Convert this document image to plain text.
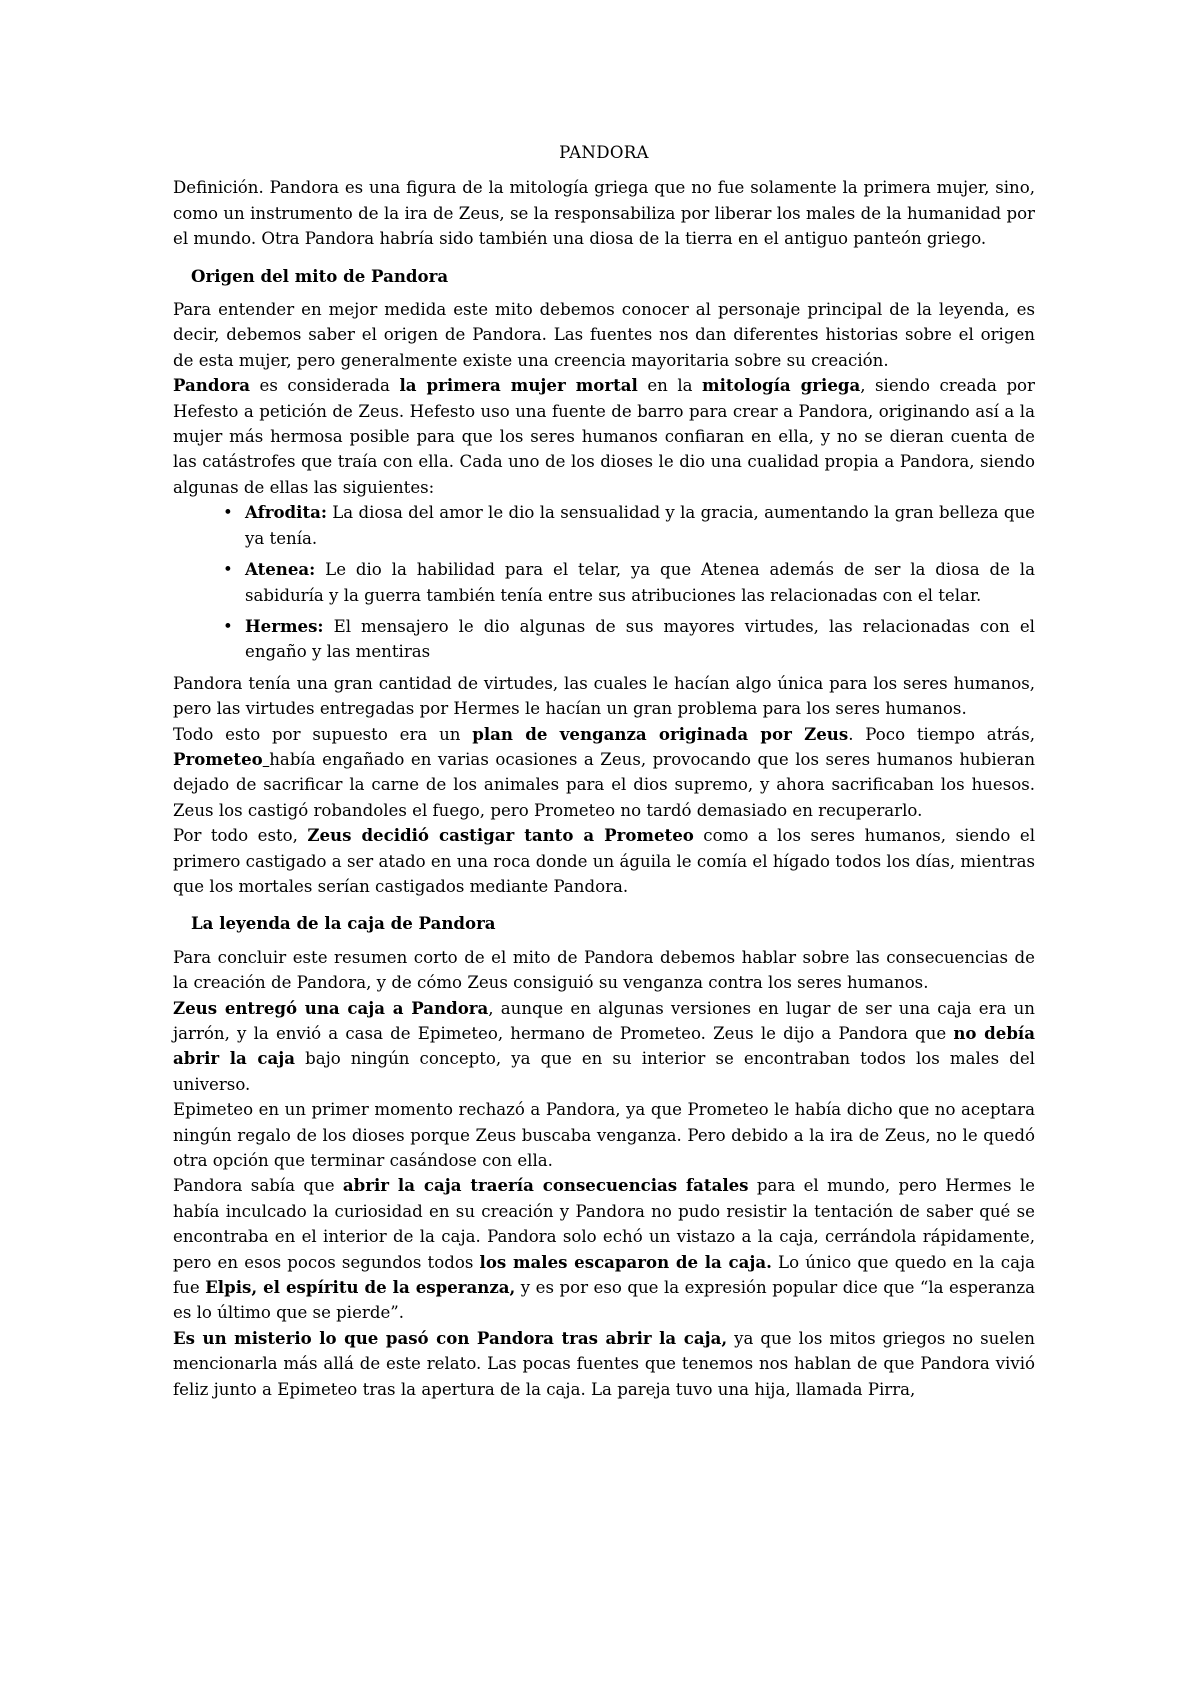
PANDORA

Definición. Pandora es una figura de la mitología griega que no fue solamente la primera mujer, sino, como un instrumento de la ira de Zeus, se la responsabiliza por liberar los males de la humanidad por el mundo. Otra Pandora habría sido también una diosa de la tierra en el antiguo panteón griego.

Origen del mito de Pandora

Para entender en mejor medida este mito debemos conocer al personaje principal de la leyenda, es decir, debemos saber el origen de Pandora. Las fuentes nos dan diferentes historias sobre el origen de esta mujer, pero generalmente existe una creencia mayoritaria sobre su creación.

Pandora es considerada la primera mujer mortal en la mitología griega, siendo creada por Hefesto a petición de Zeus. Hefesto uso una fuente de barro para crear a Pandora, originando así a la mujer más hermosa posible para que los seres humanos confiaran en ella, y no se dieran cuenta de las catástrofes que traía con ella. Cada uno de los dioses le dio una cualidad propia a Pandora, siendo algunas de ellas las siguientes:

• Afrodita: La diosa del amor le dio la sensualidad y la gracia, aumentando la gran belleza que ya tenía.
• Atenea: Le dio la habilidad para el telar, ya que Atenea además de ser la diosa de la sabiduría y la guerra también tenía entre sus atribuciones las relacionadas con el telar.
• Hermes: El mensajero le dio algunas de sus mayores virtudes, las relacionadas con el engaño y las mentiras

Pandora tenía una gran cantidad de virtudes, las cuales le hacían algo única para los seres humanos, pero las virtudes entregadas por Hermes le hacían un gran problema para los seres humanos.

Todo esto por supuesto era un plan de venganza originada por Zeus. Poco tiempo atrás, Prometeo había engañado en varias ocasiones a Zeus, provocando que los seres humanos hubieran dejado de sacrificar la carne de los animales para el dios supremo, y ahora sacrificaban los huesos. Zeus los castigó robandoles el fuego, pero Prometeo no tardó demasiado en recuperarlo.

Por todo esto, Zeus decidió castigar tanto a Prometeo como a los seres humanos, siendo el primero castigado a ser atado en una roca donde un águila le comía el hígado todos los días, mientras que los mortales serían castigados mediante Pandora.

La leyenda de la caja de Pandora

Para concluir este resumen corto de el mito de Pandora debemos hablar sobre las consecuencias de la creación de Pandora, y de cómo Zeus consiguió su venganza contra los seres humanos.

Zeus entregó una caja a Pandora, aunque en algunas versiones en lugar de ser una caja era un jarrón, y la envió a casa de Epimeteo, hermano de Prometeo. Zeus le dijo a Pandora que no debía abrir la caja bajo ningún concepto, ya que en su interior se encontraban todos los males del universo.

Epimeteo en un primer momento rechazó a Pandora, ya que Prometeo le había dicho que no aceptara ningún regalo de los dioses porque Zeus buscaba venganza. Pero debido a la ira de Zeus, no le quedó otra opción que terminar casándose con ella.

Pandora sabía que abrir la caja traería consecuencias fatales para el mundo, pero Hermes le había inculcado la curiosidad en su creación y Pandora no pudo resistir la tentación de saber qué se encontraba en el interior de la caja. Pandora solo echó un vistazo a la caja, cerrándola rápidamente, pero en esos pocos segundos todos los males escaparon de la caja. Lo único que quedo en la caja fue Elpis, el espíritu de la esperanza, y es por eso que la expresión popular dice que “la esperanza es lo último que se pierde”.

Es un misterio lo que pasó con Pandora tras abrir la caja, ya que los mitos griegos no suelen mencionarla más allá de este relato. Las pocas fuentes que tenemos nos hablan de que Pandora vivió feliz junto a Epimeteo tras la apertura de la caja. La pareja tuvo una hija, llamada Pirra,
